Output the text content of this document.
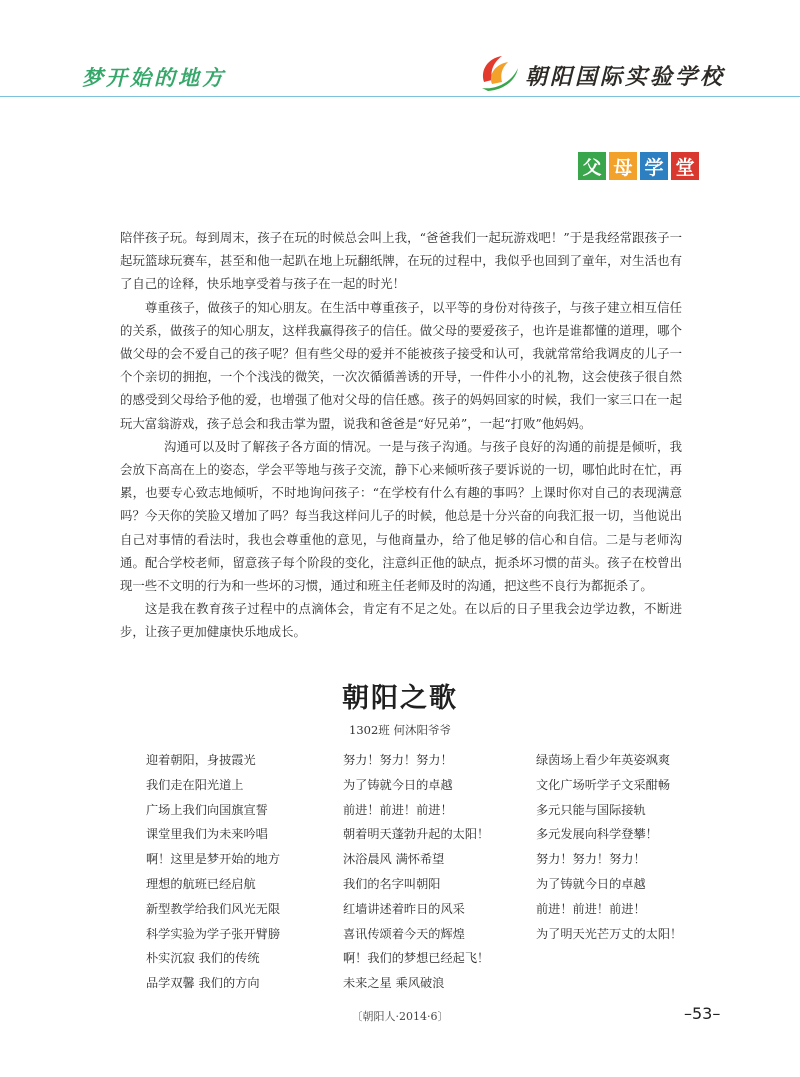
梦开始的地方	朝阳国际实验学校
父 母 学 堂

陪伴孩子玩。每到周末，孩子在玩的时候总会叫上我，“爸爸我们一起玩游戏吧！”于是我经常跟孩子一起玩篮球玩赛车，甚至和他一起趴在地上玩翻纸牌，在玩的过程中，我似乎也回到了童年，对生活也有了自己的诠释，快乐地享受着与孩子在一起的时光！

尊重孩子，做孩子的知心朋友。在生活中尊重孩子，以平等的身份对待孩子，与孩子建立相互信任的关系，做孩子的知心朋友，这样我赢得孩子的信任。做父母的要爱孩子，也许是谁都懂的道理，哪个做父母的会不爱自己的孩子呢？但有些父母的爱并不能被孩子接受和认可，我就常常给我调皮的儿子一个个亲切的拥抱，一个个浅浅的微笑，一次次循循善诱的开导，一件件小小的礼物，这会使孩子很自然的感受到父母给予他的爱，也增强了他对父母的信任感。孩子的妈妈回家的时候，我们一家三口在一起玩大富翁游戏，孩子总会和我击掌为盟，说我和爸爸是“好兄弟”，一起“打败”他妈妈。

沟通可以及时了解孩子各方面的情况。一是与孩子沟通。与孩子良好的沟通的前提是倾听，我会放下高高在上的姿态，学会平等地与孩子交流，静下心来倾听孩子要诉说的一切，哪怕此时在忙，再累，也要专心致志地倾听，不时地询问孩子：“在学校有什么有趣的事吗？上课时你对自己的表现满意吗？今天你的笑脸又增加了吗？每当我这样问儿子的时候，他总是十分兴奋的向我汇报一切，当他说出自己对事情的看法时，我也会尊重他的意见，与他商量办，给了他足够的信心和自信。二是与老师沟通。配合学校老师，留意孩子每个阶段的变化，注意纠正他的缺点，扼杀坏习惯的苗头。孩子在校曾出现一些不文明的行为和一些坏的习惯，通过和班主任老师及时的沟通，把这些不良行为都扼杀了。

这是我在教育孩子过程中的点滴体会，肯定有不足之处。在以后的日子里我会边学边教，不断进步，让孩子更加健康快乐地成长。

朝阳之歌
1302班 何沐阳爷爷
迎着朝阳，身披霞光
我们走在阳光道上
广场上我们向国旗宣誓
课堂里我们为未来吟唱
啊！这里是梦开始的地方
理想的航班已经启航
新型教学给我们风光无限
科学实验为学子张开臂膀
朴实沉寂 我们的传统
品学双馨 我们的方向
努力！努力！努力！
为了铸就今日的卓越
前进！前进！前进！
朝着明天蓬勃升起的太阳！
沐浴晨风 满怀希望
我们的名字叫朝阳
红墙讲述着昨日的风采
喜讯传颂着今天的辉煌
啊！我们的梦想已经起飞！
未来之星 乘风破浪
绿茵场上看少年英姿飒爽
文化广场听学子文采酣畅
多元只能与国际接轨
多元发展向科学登攀！
努力！努力！努力！
为了铸就今日的卓越
前进！前进！前进！
为了明天光芒万丈的太阳！
〔朝阳人·2014·6〕	–53–
